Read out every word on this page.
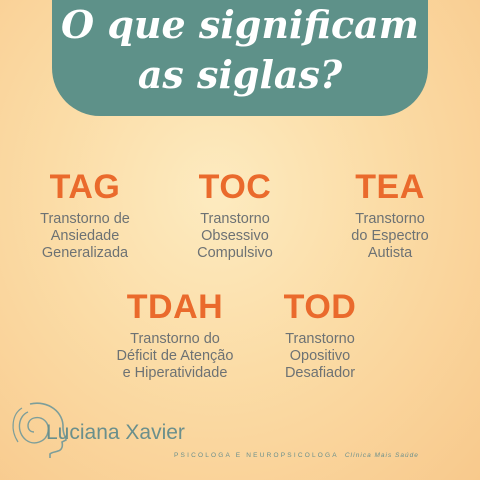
O que significam
as siglas?
TAG
Transtorno de
Ansiedade
Generalizada
TOC
Transtorno
Obsessivo
Compulsivo
TEA
Transtorno
do Espectro
Autista
TDAH
Transtorno do
Déficit de Atenção
e Hiperatividade
TOD
Transtorno
Opositivo
Desafiador
Luciana Xavier
PSICOLOGA E NEUROPSICOLOGA Clínica Mais Saúde
